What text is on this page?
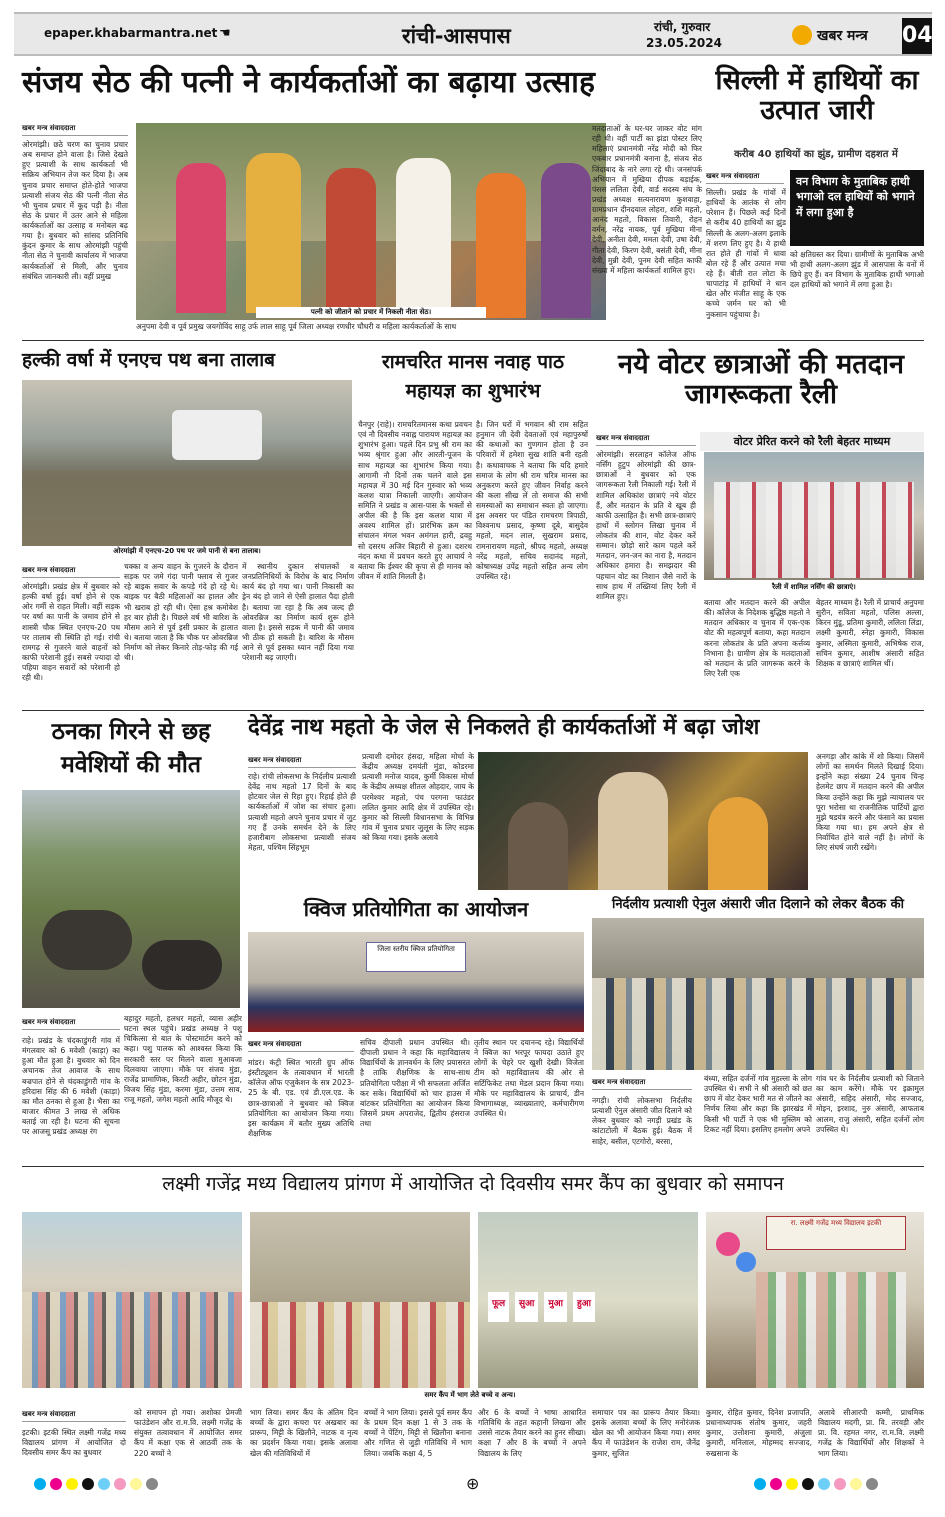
epaper.khabarmantra.net ☚	रांची-आसपास	रांची, गुरुवार
23.05.2024	खबर मन्त्र 04
संजय सेठ की पत्नी ने कार्यकर्ताओं का बढ़ाया उत्साह
खबर मन्त्र संवाददाता
ओरमांझी। छठे चरण का चुनाव प्रचार अब समाप्त होने वाला है। जिसे देखते हुए प्रत्याशी के साथ कार्यकर्ता भी सक्रिय अभियान तेज कर दिया है। अब चुनाव प्रचार समाप्त होते-होते भाजपा प्रत्याशी संजय सेठ की पत्नी नीता सेठ भी चुनाव प्रचार में कूद पड़ी है। नीता सेठ के प्रचार में उतर आने से महिला कार्यकर्ताओं का उत्साह व मनोबल बढ़ गया है। बुधवार को सांसद प्रतिनिधि कुंदन कुमार के साथ ओरमांझी पहुंची नीता सेठ ने चुनावी कार्यालय में भाजपा कार्यकर्ताओं से मिली, और चुनाव संबंधित जानकारी ली। वहीं प्रमुख
पत्नी को जीताने को प्रचार में निकली नीता सेठ।
अनुपमा देवी व पूर्व प्रमुख जयगोविंद साहू उर्फ लाल साहू पूर्व जिला अध्यक्ष रणधीर चौधरी व महिला कार्यकर्ताओं के साथ
मतदाताओं के घर-घर जाकर वोट मांग रही थी। वहीं पार्टी का झंडा पोस्टर लिए महिलाएं प्रधानमंत्री नरेंद्र मोदी को फिर एकबार प्रधानमंत्री बनाना है, संजय सेठ जिंदाबाद के नारे लगा रहे थी। जनसंपर्क अभियान में मुखिया दीपक बड़ाईक, पंसस ललिता देवी, वार्ड सदस्य संघ के प्रखंड अध्यक्ष सत्यनारायण कुशवाहा, ग्रामप्रधान दीनदयाल लोहरा, शशि महतो, आनंद महतो, विकास तिवारी, रोहन वर्मन, नरेंद्र नायक, पूर्व मुखिया मीना देवी, अनीता देवी, ममता देवी, उषा देवी, गीता देवी, किरण देवी, बसंती देवी, मीना देवी, मुन्नी देवी, पूनम देवी सहित काफी संख्या में महिला कार्यकर्ता शामिल हुए।
सिल्ली में हाथियों का उत्पात जारी
करीब 40 हाथियों का झुंड, ग्रामीण दहशत में
खबर मन्त्र संवाददाता
सिल्ली। प्रखंड के गांवों में हाथियों के आतंक से लोग परेशान हैं। पिछले कई दिनों से करीब 40 हाथियों का झुंड सिल्ली के अलग-अलग इलाके में शरण लिए हुए है। ये हाथी रात होते ही गांवों में धावा बोल रहे हैं और उत्पात मचा रहे हैं। बीती रात लोटा के चापाटांड़ में हाथियों ने धान खेत और मंजीत साहू के एक कच्चे जर्मन घर को भी नुकसान पहुंचाया है।
वन विभाग के मुताबिक हाथी भगाओ दल हाथियों को भगाने में लगा हुआ है
को क्षतिग्रस्त कर दिया। ग्रामीणों के मुताबिक अभी भी हाथी अलग-अलग झुंड में आसपास के वनों में छिपे हुए हैं। वन विभाग के मुताबिक हाथी भगाओ दल हाथियों को भगाने में लगा हुआ है।
हल्की वर्षा में एनएच पथ बना तालाब
ओरमांझी में एनएच-20 पथ पर जमे पानी से बना तालाब।
खबर मन्त्र संवाददाता
ओरमांझी। प्रखंड क्षेत्र में बुधवार को हल्की वर्षा हुई। वर्षा होने से एक ओर गर्मी से राहत मिली। वहीं सड़क पर वर्षा का पानी के जमाव होने से शास्त्री चौक स्थित एनएच-20 पथ पर तालाब सी स्थिति हो गई। रांची रामगढ़ से गुजरने वाले वाहनों को काफी परेशानी हुई। सबसे ज्यादा दो पहिया वाहन सवारों को परेशानी हो रही थी।
चक्का व अन्य वाहन के गुजरने के दौरान सड़क पर जमे गंदा पानी फ्लाव से गुजर रहे बाइक सवार के कपड़े गंदे हो रहे थे। बाइक पर बैठी महिलाओं का हालत और भी खराब हो रही थी। ऐसा हश्र कमोबेश हर बार होती है। पिछले वर्ष भी बारिश के मौसम आने से पूर्व इसी प्रकार के हालात थे। बताया जाता है कि चौक पर ओवरब्रिज निर्माण को लेकर किनारे तोड़-फोड़ की गई थी।
में स्थानीय दुकान संचालकों व जनप्रतिनिधियों के विरोध के बाद निर्माण कार्य बंद हो गया था। पानी निकासी का ड्रेन बंद हो जाने से ऐसी हालात पैदा होती है। बताया जा रहा है कि अब जल्द ही ओवरब्रिज का निर्माण कार्य शुरू होने वाला है। इससे सड़क में पानी की जमाव भी ठीक हो सकती है। बारिश के मौसम आने से पूर्व इसका ध्यान नहीं दिया गया परेशानी बढ़ जाएगी।
रामचरित मानस नवाह पाठ महायज्ञ का शुभारंभ
चैनपुर (राहे)। रामचरितमानस कथा प्रवचन एवं नौ दिवसीय नवाह्न पारायण महायज्ञ का शुभारंभ हुआ। पहले दिन प्रभु श्री राम का भव्य श्रृंगार हुआ और आरती-पूजन के साथ महायज्ञ का शुभारंभ किया गया। आगामी नौ दिनों तक चलने वाले इस महायज्ञ में 30 मई दिन गुरुवार को भव्य कलश यात्रा निकाली जाएगी। आयोजन समिति ने प्रखंड व आस-पास के भक्तों से अपील की है कि इस कलश यात्रा में अवश्य शामिल हों। प्रारंभिक क्रम का संचालन मंगल भवन अमंगल हारी, द्रवहु सो दसरथ अजिर बिहारी से हुआ। दशरथ नंदन कथा में प्रवचन करते हुए आचार्य ने बताया कि ईश्वर की कृपा से ही मानव को जीवन में शांति मिलती है।
है। जिन घरों में भगवान श्री राम सहित हनुमान जी देवी देवताओं एवं महापुरुषों की कथाओं का गुणगान होता है उन परिवारों में हमेशा सुख शांति बनी रहती है। कथावाचक ने बताया कि यदि हमारे समाज के लोग श्री राम चरित्र मानस का अनुकरण करते हुए जीवन निर्वाह करने की कला सीख लें तो समाज की सभी समस्याओं का समाधान स्वतः हो जाएगा। इस अवसर पर पंडित रामचरण त्रिपाठी, विश्वनाथ प्रसाद, कृष्णा दूबे, बासुदेव महतो, मदन लाल, सुखराम प्रसाद, रामनारायण महतो, श्रीपद महतो, अध्यक्ष नरेंद्र महतो, सचिव सदानंद महतो, कोषाध्यक्ष उपेंद्र महतो सहित अन्य लोग उपस्थित रहे।
नये वोटर छात्राओं की मतदान जागरूकता रैली
वोटर प्रेरित करने को रैली बेहतर माध्यम
खबर मन्त्र संवाददाता
ओरमांझी। सरलाहन कॉलेज ऑफ नर्सिंग हुटुप ओरमांझी की छात्र-छात्राओं ने बुधवार को एक जागरूकता रैली निकाली गई। रैली में शामिल अधिकांश छात्राएं नये वोटर हैं, और मतदान के प्रति वे खूब ही काफी उत्साहित है। सभी छात्र-छात्राएं हाथों में स्लोगन लिखा चुनाव में लोकतंत्र की शान, वोट देकर करें सम्मान। छोड़ो सारे काम पहले करें मतदान, जन-जन का नारा है, मतदान अधिकार हमारा है। समझदार की पहचान वोट का निशान जैसे नारों के साथ हाथ में तख्तियां लिए रैली में शामिल हुए।
रैली में शामिल नर्सिंग की छात्राएं।
बताया और मतदान करने की अपील की। कॉलेज के निदेशक बुद्धिष्ठ महतो ने मतदान अधिकार व चुनाव में एक-एक वोट की महत्वपूर्ण बताया, कहा मतदान करना लोकतंत्र के प्रति अपना कर्त्तव्य निभाना है। ग्रामीण क्षेत्र के मतदाताओं को मतदान के प्रति जागरूक करने के लिए रैली एक
बेहतर माध्यम है। रैली में प्राचार्य अनुपमा सुरीन, सविता महतो, पलिस अल्ला, किरन मुंडू, प्रतिमा कुमारी, ललिता लिंडा, लक्ष्मी कुमारी, स्नेहा कुमारी, विकास कुमार, अस्मिता कुमारी, अभिषेक राज, सचिन कुमार, आशीष अंसारी सहित शिक्षक व छात्राएं शामिल थीं।
ठनका गिरने से छह मवेशियों की मौत
खबर मन्त्र संवाददाता
राहे। प्रखंड के चंदकाडुंगरी गांव में मंगलवार को 6 मवेशी (काड़ा) का हुआ मौत हुआ है। बुधवार को दिन अचानक तेज आवाज के साथ बज्रपात होने से चंदकाडुंगरी गांव के हरिदास सिंह की 6 मवेशी (काड़ा) का मौत ठनका से हुआ है। भैसा का बाजार कीमत 3 लाख से अधिक बताई जा रही है। घटना की सूचना पर आजसू प्रखंड अध्यक्ष रंग
बहादुर महतो, हलधर महतो, व्यास अहीर घटना स्थल पहुंचे। प्रखंड अध्यक्ष ने पशु चिकित्सा से बात के पोस्टमार्टम करने को कहा। पशु पालक को आश्वस्त किया कि सरकारी स्तर पर मिलने वाला मुआवजा दिलवाया जाएगा। मौके पर संजय मुंडा, राजेंद्र प्रामाणिक, किरटी अहीर, छोटन मुंडा, विजय सिंह मुंडा, करमा मुंडा, उत्तम साव, राजू महतो, जगेश महतो आदि मौजूद थे।
देवेंद्र नाथ महतो के जेल से निकलते ही कार्यकर्ताओं में बढ़ा जोश
खबर मन्त्र संवाददाता
राहे। रांची लोकसभा के निर्दलीय प्रत्याशी देवेंद्र नाथ महतो 17 दिनों के बाद होटवार जेल से रिहा हुए। रिहाई होते ही कार्यकर्ताओं में जोश का संचार हुआ। प्रत्याशी महतो अपने चुनाव प्रचार में जुट गए हैं उनके समर्थन देने के लिए हजारीबाग लोकसभा प्रत्याशी संजय मेहता, पश्चिम सिंहभूम
प्रत्याशी दमोदर हंसदा, महिला मोर्चा के केंद्रीय अध्यक्ष दमयंती मुंडा, कोडरमा प्रत्याशी मनोज यादव, कुर्मी विकास मोर्चा के केंद्रीय अध्यक्ष शीतल ओहदार, जाय के परमेश्वर महतो, पंच परगना फाउंडर ललित कुमार आदि क्षेत्र में उपस्थित रहे। कुमार को सिल्ली विधानसभा के विभिन्न गांव में चुनाव प्रचार जुलूस के लिए सड़क को किया गया। इसके अलावे
अनगड़ा और कांके में शो किया। जिसमें लोगों का समर्थन मिलते दिखाई दिया। इन्होंने कहा संख्या 24 चुनाव चिन्ह हेलमेट छाप में मतदान करने की अपील किया उन्होंने कहा कि मुझे न्यायालय पर पूरा भरोसा था राजनीतिक पार्टियों द्वारा मुझे षडयंत्र करने और फंसाने का प्रयास किया गया था। हम अपने क्षेत्र से निर्वाचित होने वाले नहीं है। लोगों के लिए संघर्ष जारी रखेंगे।
क्विज प्रतियोगिता का आयोजन
जिला स्तरीय क्विज प्रतियोगिता
खबर मन्त्र संवाददाता
मांडर। कंट्री स्थित भारती ग्रुप ऑफ इंस्टीट्यूशन के तत्वावधान में भारती कॉलेज ऑफ एजुकेशन के सत्र 2023-25 के बी. एड. एवं डी.एल.एड. के छात्र-छात्राओं ने बुधवार को क्विज प्रतियोगिता का आयोजन किया गया। इस कार्यक्रम में बतौर मुख्य अतिथि शैक्षणिक
सचिव दीपाली प्रधान उपस्थित थी। दीपाली प्रधान ने कहा कि महाविद्यालय विद्यार्थियों के ज्ञानवर्धन के लिए प्रयासरत है ताकि शैक्षणिक के साथ-साथ प्रतियोगिता परीक्षा में भी सफलता अर्जित कर सके। विद्यार्थियों को चार हाउस में बांटकर प्रतियोगिता का आयोजन किया जिसमें प्रथम अपराजेद, द्वितीय हंसराज तथा
तृतीय स्थान पर दयानन्द रहे। विद्यार्थियों ने क्विज का भरपूर फायदा उठाते हुए लोगों के चेहरे पर खुशी देखी। विजेता टीम को महाविद्यालय की ओर से सर्टिफिकेट तथा मेडल प्रदान किया गया। मौके पर महाविद्यालय के प्राचार्य, डीन विभागाध्यक्ष, व्याख्याताएं, कर्मचारीगण उपस्थित थे।
निर्दलीय प्रत्याशी ऐनुल अंसारी जीत दिलाने को लेकर बैठक की
खबर मन्त्र संवाददाता
नगड़ी। रांची लोकसभा निर्दलीय प्रत्याशी ऐनुल अंसारी जीत दिलाने को लेकर बुधवार को नगड़ी प्रखंड के कांटाटोली में बैठक हुई। बैठक में साहेर, बसील, एटगोरो, बरसा,
बंध्या, सहित दर्जनों गांव मुहल्ला के लोग उपस्थित थे। सभी ने श्री अंसारी को छत छाप में वोट देकर भारी मत से जीतने का निर्णय लिया और कहा कि झारखंड में किसी भी पार्टी ने एक भी मुस्लिम को टिकट नहीं दिया। इसलिए हमलोग अपने
गांव घर के निर्दलीय प्रत्याशी को जिताने का काम करेंगे। मौके पर इक्रामुल अंसारी, सहिद अंसारी, मोद सज्जाद, मोइन, इरशाद, नुरु अंसारी, आफताब आलम, राजु अंसारी, सहित दर्जनों लोग उपस्थित थे।
लक्ष्मी गजेंद्र मध्य विद्यालय प्रांगण में आयोजित दो दिवसीय समर कैंप का बुधवार को समापन
फूल	सुआ	मुआ	हुआ
रा. लक्ष्मी गजेंद्र मध्य विद्यालय इटकी
समर कैंप में भाग लेते बच्चे व अन्य।
खबर मन्त्र संवाददाता
इटकी। इटकी स्थित लक्ष्मी गजेंद्र मध्य विद्यालय प्रांगण में आयोजित दो दिवसीय समर कैंप का बुधवार
को समापन हो गया। अशोका प्रेमजी फाउंडेशन और रा.म.वि. लक्ष्मी गजेंद्र के संयुक्त तत्वावधान में आयोजित समर कैंप में कक्षा एक से आठवीं तक के 220 बच्चों ने
भाग लिया। समर कैंप के अंतिम दिन बच्चों के द्वारा कचरा पर अखबार का प्रारूप, मिट्टी के खिलौने, नाटक व नृत्य का प्रदर्शन किया गया। इसके अलावा खेल की गतिविधियों में
बच्चों ने भाग लिया। इससे पूर्व समर कैंप के प्रथम दिन कक्षा 1 से 3 तक के बच्चों ने पेंटिंग, मिट्टी से खिलौना बनाना और गणित से जुड़ी गतिविधि में भाग लिया। जबकि कक्षा 4, 5
और 6 के बच्चों ने भाषा आधारित गतिविधि के तहत कहानी लिखना और उससे नाटक तैयार करने का हुनर सीखा। कक्षा 7 और 8 के बच्चों ने अपने विद्यालय के लिए
समाचार पत्र का प्रारूप तैयार किया। इसके अलावा बच्चों के लिए मनोरंजक खेल का भी आयोजन किया गया। समर कैंप में फाउंडेशन के राजेश राम, जैनेंद्र कुमार, सुजित
कुमार, रोहित कुमार, दिनेश प्रजापति, प्रधानाध्यापक संतोष कुमार, जहरी कुमार, उत्तोशना कुमारी, अंजुला कुमारी, मनिलाल, मोहम्मद सज्जाद, रुखसाना के
अलावे सीआरपी कम्मी, प्राथमिक विद्यालय मदगी, प्रा. वि. तरवड़ी और प्रा. वि. रहमत नगर, रा.म.वि. लक्ष्मी गजेंद्र के विद्यार्थियों और शिक्षकों ने भाग लिया।
⊕
